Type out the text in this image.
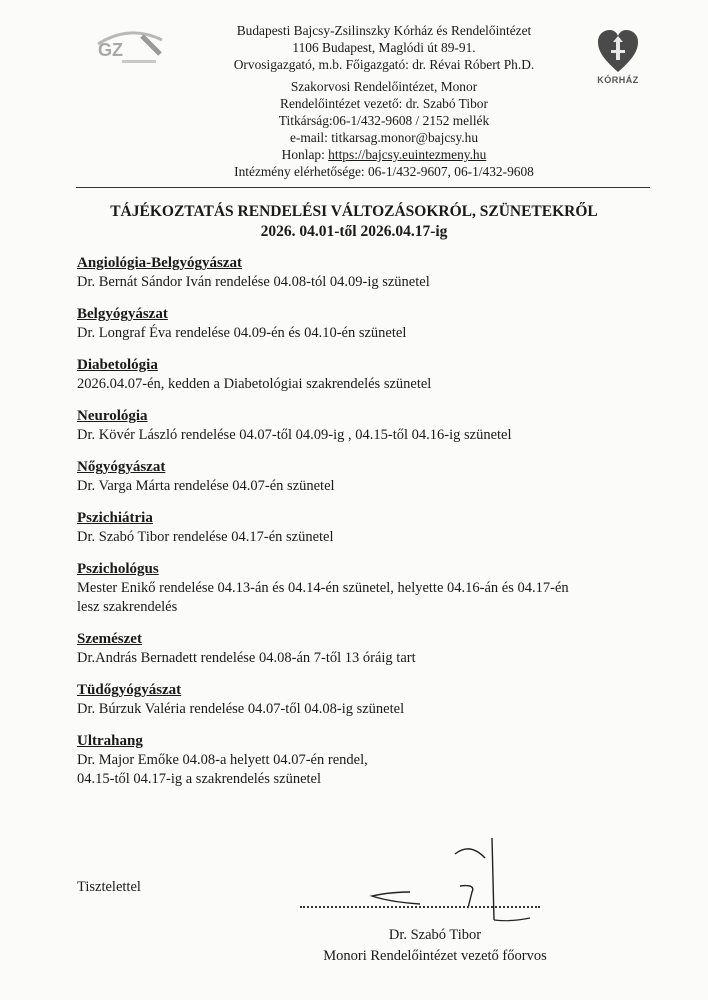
GZ
KÓRHÁZ
Budapesti Bajcsy-Zsilinszky Kórház és Rendelőintézet
1106 Budapest, Maglódi út 89-91.
Orvosigazgató, m.b. Főigazgató: dr. Révai Róbert Ph.D.
Szakorvosi Rendelőintézet, Monor
Rendelőintézet vezető: dr. Szabó Tibor
Titkárság:06-1/432-9608 / 2152 mellék
e-mail: titkarsag.monor@bajcsy.hu
Honlap: https://bajcsy.euintezmeny.hu
Intézmény elérhetősége: 06-1/432-9607, 06-1/432-9608
TÁJÉKOZTATÁS RENDELÉSI VÁLTOZÁSOKRÓL, SZÜNETEKRŐL
2026. 04.01-től 2026.04.17-ig
Angiológia-Belgyógyászat
Dr. Bernát Sándor Iván rendelése 04.08-tól 04.09-ig szünetel
Belgyógyászat
Dr. Longraf Éva rendelése 04.09-én és 04.10-én szünetel
Diabetológia
2026.04.07-én, kedden a Diabetológiai szakrendelés szünetel
Neurológia
Dr. Kövér László rendelése 04.07-től 04.09-ig , 04.15-től 04.16-ig szünetel
Nőgyógyászat
Dr. Varga Márta rendelése 04.07-én szünetel
Pszichiátria
Dr. Szabó Tibor rendelése 04.17-én szünetel
Pszichológus
Mester Enikő rendelése 04.13-án és 04.14-én szünetel, helyette 04.16-án és 04.17-én
lesz szakrendelés
Szemészet
Dr.András Bernadett rendelése 04.08-án 7-től 13 óráig tart
Tüdőgyógyászat
Dr. Búrzuk Valéria rendelése 04.07-től 04.08-ig szünetel
Ultrahang
Dr. Major Emőke 04.08-a helyett 04.07-én rendel,
04.15-től 04.17-ig a szakrendelés szünetel
Tisztelettel
Dr. Szabó Tibor
Monori Rendelőintézet vezető főorvos
